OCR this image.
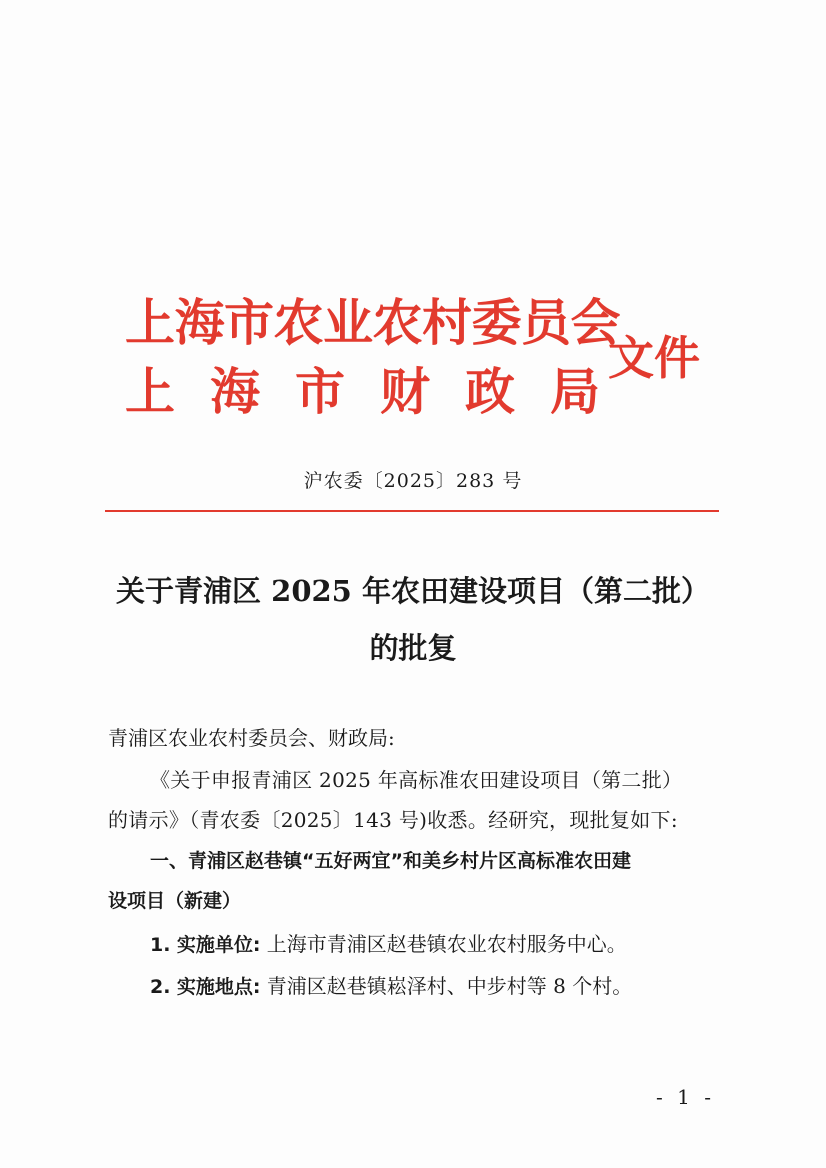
上海市农业农村委员会
上 海 市 财 政 局
文件
沪农委〔2025〕283 号
关于青浦区 2025 年农田建设项目（第二批）
的批复
青浦区农业农村委员会、财政局:
《关于申报青浦区 2025 年高标准农田建设项目（第二批）
的请示》（青农委〔2025〕143 号)收悉。经研究，现批复如下:
一、青浦区赵巷镇“五好两宜”和美乡村片区高标准农田建
设项目（新建）
1. 实施单位: 上海市青浦区赵巷镇农业农村服务中心。
2. 实施地点: 青浦区赵巷镇崧泽村、中步村等 8 个村。
- 1 -
